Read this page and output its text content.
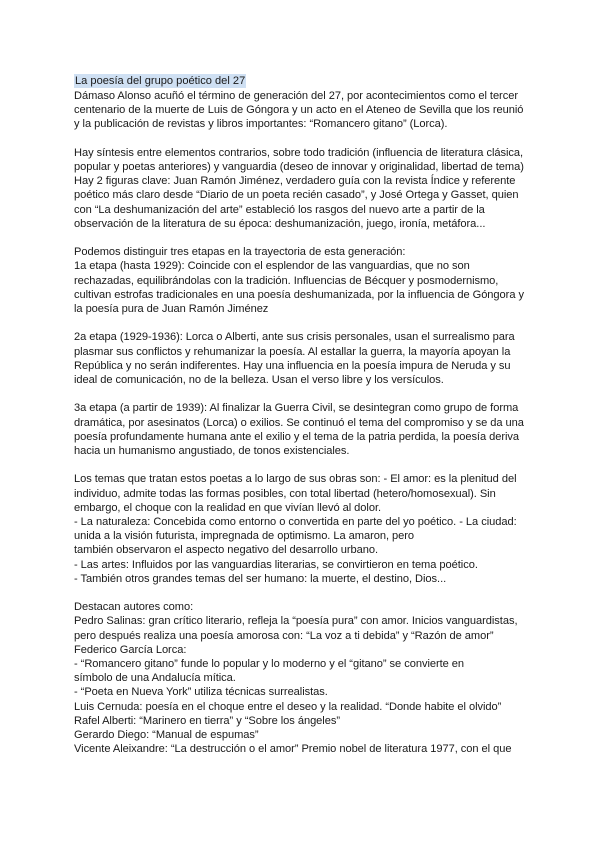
La poesía del grupo poético del 27
Dámaso Alonso acuñó el término de generación del 27, por acontecimientos como el tercer
centenario de la muerte de Luis de Góngora y un acto en el Ateneo de Sevilla que los reunió
y la publicación de revistas y libros importantes: “Romancero gitano” (Lorca).
Hay síntesis entre elementos contrarios, sobre todo tradición (influencia de literatura clásica,
popular y poetas anteriores) y vanguardia (deseo de innovar y originalidad, libertad de tema)
Hay 2 figuras clave: Juan Ramón Jiménez, verdadero guía con la revista Índice y referente
poético más claro desde “Diario de un poeta recién casado”, y José Ortega y Gasset, quien
con “La deshumanización del arte” estableció los rasgos del nuevo arte a partir de la
observación de la literatura de su época: deshumanización, juego, ironía, metáfora...
Podemos distinguir tres etapas en la trayectoria de esta generación:
1a etapa (hasta 1929): Coincide con el esplendor de las vanguardias, que no son
rechazadas, equilibrándolas con la tradición. Influencias de Bécquer y posmodernismo,
cultivan estrofas tradicionales en una poesía deshumanizada, por la influencia de Góngora y
la poesía pura de Juan Ramón Jiménez
2a etapa (1929-1936): Lorca o Alberti, ante sus crisis personales, usan el surrealismo para
plasmar sus conflictos y rehumanizar la poesía. Al estallar la guerra, la mayoría apoyan la
República y no serán indiferentes. Hay una influencia en la poesía impura de Neruda y su
ideal de comunicación, no de la belleza. Usan el verso libre y los versículos.
3a etapa (a partir de 1939): Al finalizar la Guerra Civil, se desintegran como grupo de forma
dramática, por asesinatos (Lorca) o exilios. Se continuó el tema del compromiso y se da una
poesía profundamente humana ante el exilio y el tema de la patria perdida, la poesía deriva
hacia un humanismo angustiado, de tonos existenciales.
Los temas que tratan estos poetas a lo largo de sus obras son: - El amor: es la plenitud del
individuo, admite todas las formas posibles, con total libertad (hetero/homosexual). Sin
embargo, el choque con la realidad en que vivían llevó al dolor.
- La naturaleza: Concebida como entorno o convertida en parte del yo poético. - La ciudad:
unida a la visión futurista, impregnada de optimismo. La amaron, pero
también observaron el aspecto negativo del desarrollo urbano.
- Las artes: Influidos por las vanguardias literarias, se convirtieron en tema poético.
- También otros grandes temas del ser humano: la muerte, el destino, Dios...
Destacan autores como:
Pedro Salinas: gran crítico literario, refleja la “poesía pura” con amor. Inicios vanguardistas,
pero después realiza una poesía amorosa con: “La voz a ti debida” y “Razón de amor”
Federico García Lorca:
- “Romancero gitano” funde lo popular y lo moderno y el “gitano” se convierte en
símbolo de una Andalucía mítica.
- “Poeta en Nueva York” utiliza técnicas surrealistas.
Luis Cernuda: poesía en el choque entre el deseo y la realidad. “Donde habite el olvido”
Rafel Alberti: “Marinero en tierra” y “Sobre los ángeles”
Gerardo Diego: “Manual de espumas”
Vicente Aleixandre: “La destrucción o el amor” Premio nobel de literatura 1977, con el que
